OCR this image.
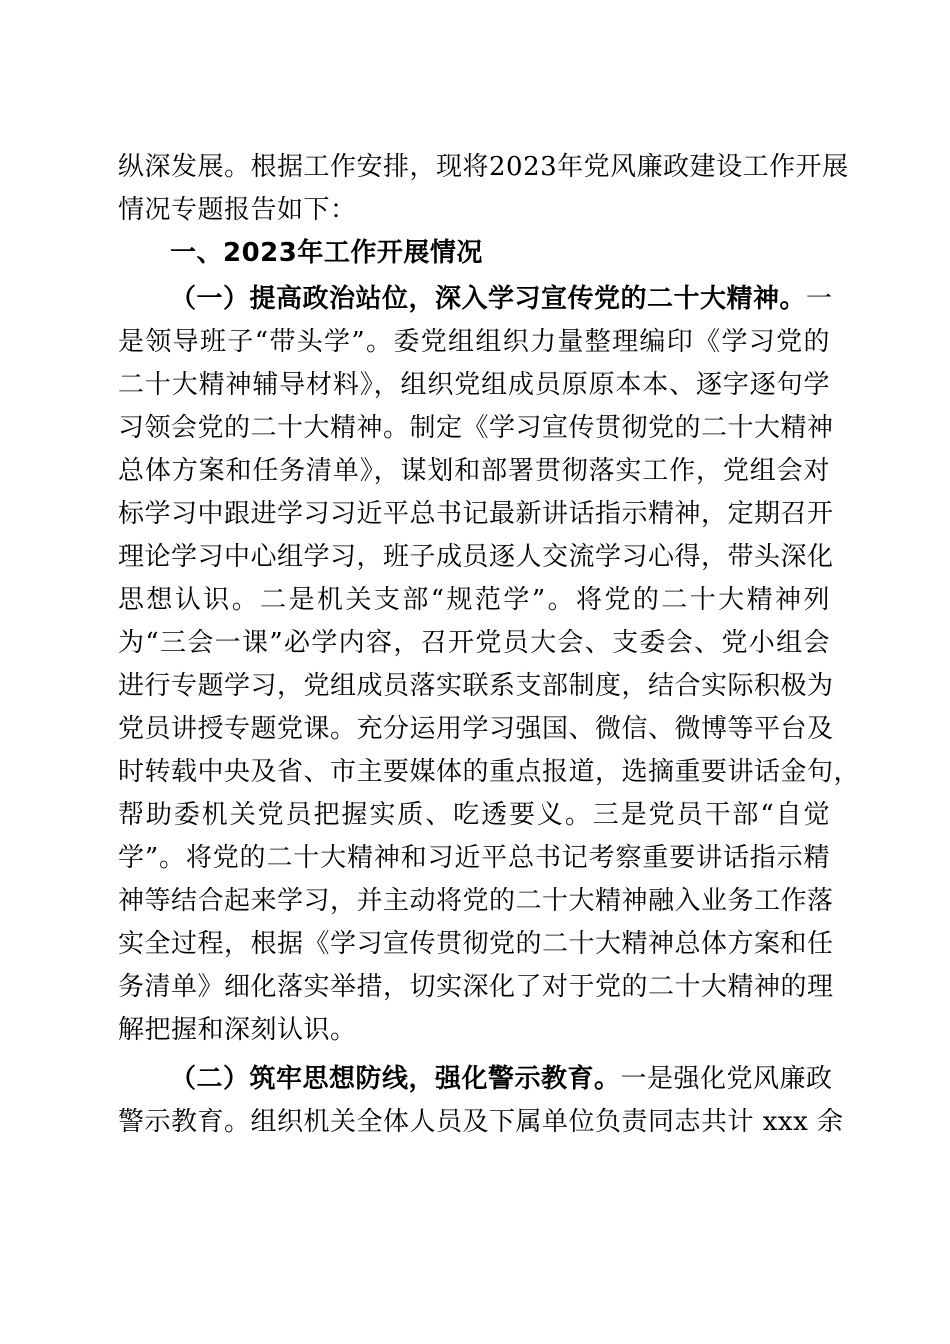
纵深发展。根据工作安排，现将2023年党风廉政建设工作开展
情况专题报告如下：
一、2023年工作开展情况
（一）提高政治站位，深入学习宣传党的二十大精神。 一
是领导班子“带头学”。委党组组织力量整理编印《学习党的
二十大精神辅导材料》，组织党组成员原原本本、逐字逐句学
习领会党的二十大精神。制定《学习宣传贯彻党的二十大精神
总体方案和任务清单》，谋划和部署贯彻落实工作，党组会对
标学习中跟进学习习近平总书记最新讲话指示精神，定期召开
理论学习中心组学习，班子成员逐人交流学习心得，带头深化
思想认识。二是机关支部“规范学”。将党的二十大精神列
为“三会一课”必学内容，召开党员大会、支委会、党小组会
进行专题学习，党组成员落实联系支部制度，结合实际积极为
党员讲授专题党课。充分运用学习强国、微信、微博等平台及
时转载中央及省、市主要媒体的重点报道，选摘重要讲话金句，
帮助委机关党员把握实质、吃透要义。三是党员干部“自觉
学”。将党的二十大精神和习近平总书记考察重要讲话指示精
神等结合起来学习，并主动将党的二十大精神融入业务工作落
实全过程，根据《学习宣传贯彻党的二十大精神总体方案和任
务清单》细化落实举措，切实深化了对于党的二十大精神的理
解把握和深刻认识。
（二）筑牢思想防线，强化警示教育。 一是强化党风廉政
警示教育。组织机关全体人员及下属单位负责同志共计 xxx 余
